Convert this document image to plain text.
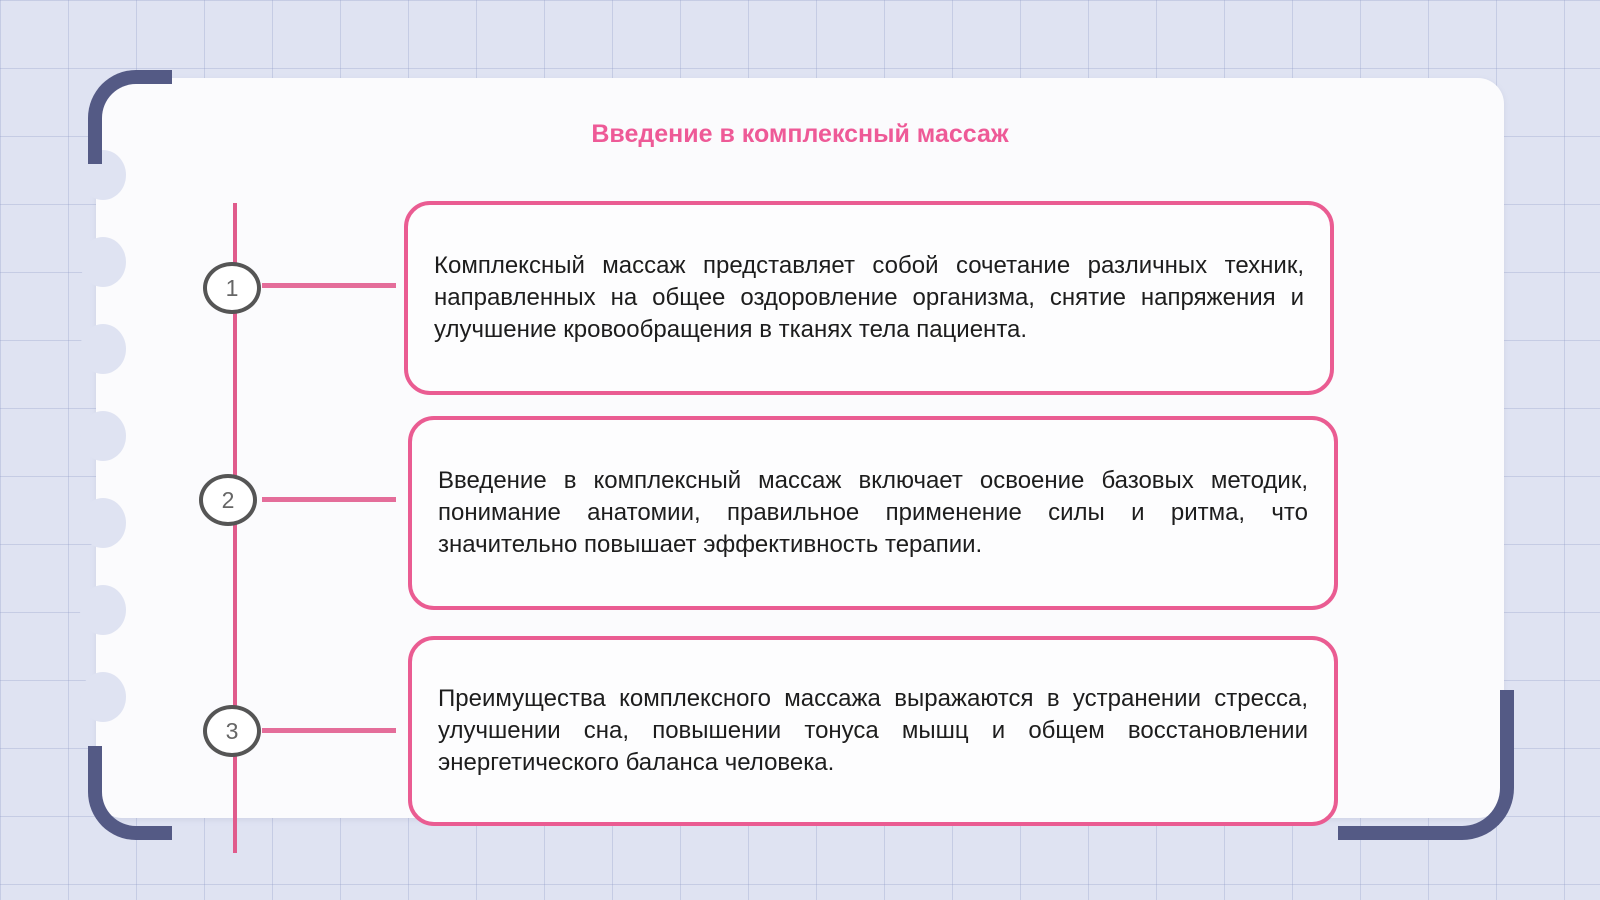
Введение в комплексный массаж
1

Комплексный массаж представляет собой сочетание различных техник, направленных на общее оздоровление организма, снятие напряжения и улучшение кровообращения в тканях тела пациента.

2

Введение в комплексный массаж включает освоение базовых методик, понимание анатомии, правильное применение силы и ритма, что значительно повышает эффективность терапии.

3

Преимущества комплексного массажа выражаются в устранении стресса, улучшении сна, повышении тонуса мышц и общем восстановлении энергетического баланса человека.
